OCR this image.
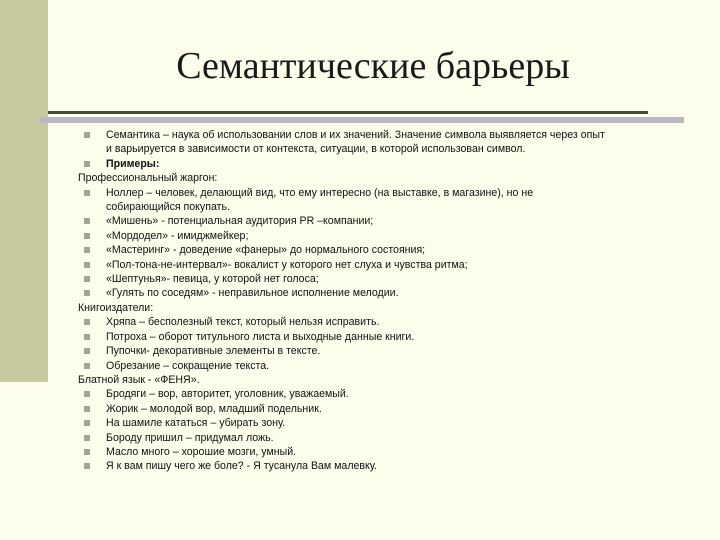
Семантические барьеры
Семантика – наука об использовании слов и их значений. Значение символа выявляется через опыт
и варьируется в зависимости от контекста, ситуации, в которой использован символ.
Примеры:
Профессиональный жаргон:
Ноллер – человек, делающий вид, что ему интересно (на выставке, в магазине), но не
собирающийся покупать.
«Мишень» - потенциальная аудитория PR –компании;
«Мордодел» - имиджмейкер;
«Мастеринг» - доведение «фанеры» до нормального состояния;
«Пол-тона-не-интервал»- вокалист у которого нет слуха и чувства ритма;
«Шептунья»- певица, у которой нет голоса;
«Гулять по соседям» - неправильное исполнение мелодии.
Книгоиздатели:
Хряпа – бесполезный текст, который нельзя исправить.
Потроха – оборот титульного листа и выходные данные книги.
Пупочки- декоративные элементы в тексте.
Обрезание – сокращение текста.
Блатной язык - «ФЕНЯ».
Бродяги – вор, авторитет, уголовник, уважаемый.
Жорик – молодой вор, младший подельник.
На шамиле кататься – убирать зону.
Бороду пришил – придумал ложь.
Масло много – хорошие мозги, умный.
Я к вам пишу чего же боле? - Я тусанула Вам малевку.
